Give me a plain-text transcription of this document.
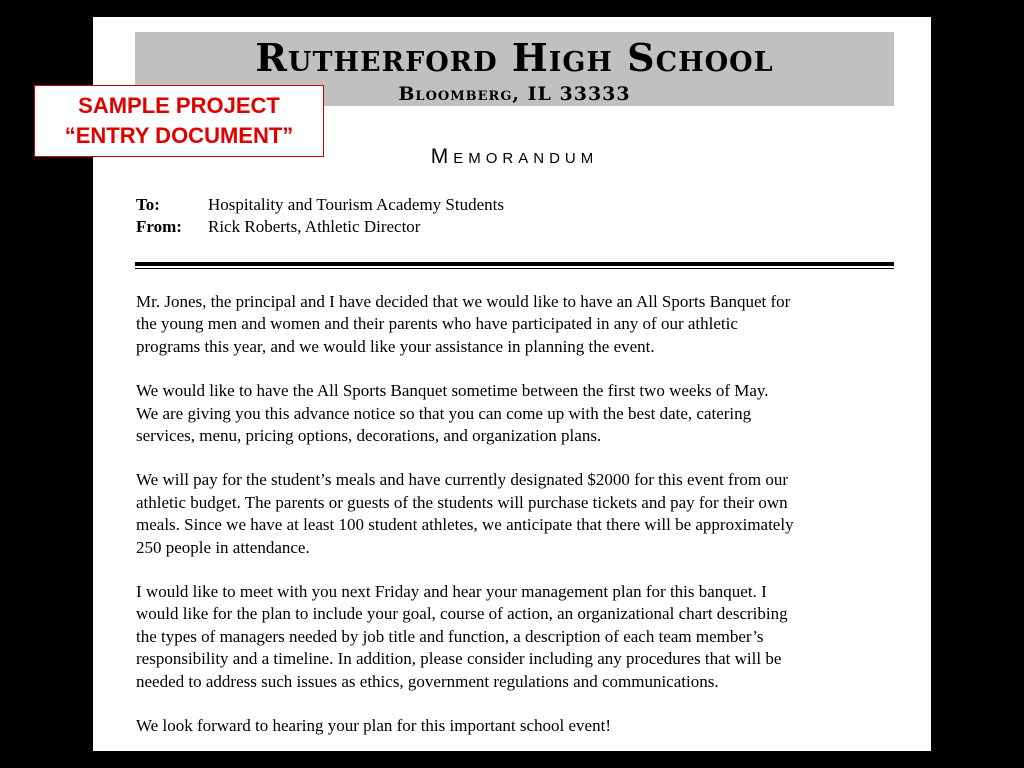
Rutherford High School
Bloomberg, IL 33333
Memorandum
To:	Hospitality and Tourism Academy Students
From:	Rick Roberts, Athletic Director
Mr. Jones, the principal and I have decided that we would like to have an All Sports Banquet for
the young men and women and their parents who have participated in any of our athletic
programs this year, and we would like your assistance in planning the event.
We would like to have the All Sports Banquet sometime between the first two weeks of May.
We are giving you this advance notice so that you can come up with the best date, catering
services, menu, pricing options, decorations, and organization plans.
We will pay for the student’s meals and have currently designated $2000 for this event from our
athletic budget. The parents or guests of the students will purchase tickets and pay for their own
meals. Since we have at least 100 student athletes, we anticipate that there will be approximately
250 people in attendance.
I would like to meet with you next Friday and hear your management plan for this banquet. I
would like for the plan to include your goal, course of action, an organizational chart describing
the types of managers needed by job title and function, a description of each team member’s
responsibility and a timeline. In addition, please consider including any procedures that will be
needed to address such issues as ethics, government regulations and communications.
We look forward to hearing your plan for this important school event!
SAMPLE PROJECT
“ENTRY DOCUMENT”
